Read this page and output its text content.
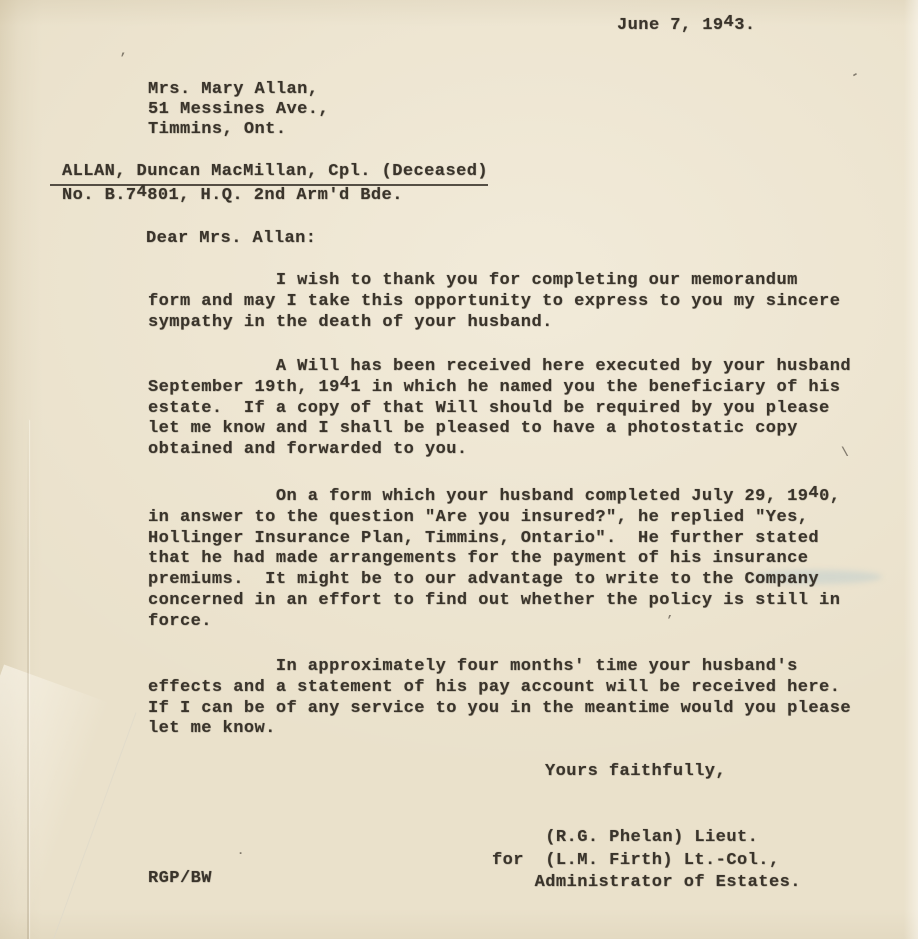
’
-
\
’
.
June 7, 1943.
Mrs. Mary Allan,
51 Messines Ave.,
Timmins, Ont.
ALLAN, Duncan MacMillan, Cpl. (Deceased)
No. B.74801, H.Q. 2nd Arm'd Bde.
Dear Mrs. Allan:
I wish to thank you for completing our memorandum
form and may I take this opportunity to express to you my sincere
sympathy in the death of your husband.
A Will has been received here executed by your husband
September 19th, 1941 in which he named you the beneficiary of his
estate.  If a copy of that Will should be required by you please
let me know and I shall be pleased to have a photostatic copy
obtained and forwarded to you.
On a form which your husband completed July 29, 1940,
in answer to the question "Are you insured?", he replied "Yes,
Hollinger Insurance Plan, Timmins, Ontario".  He further stated
that he had made arrangements for the payment of his insurance
premiums.  It might be to our advantage to write to the Company
concerned in an effort to find out whether the policy is still in
force.
In approximately four months' time your husband's
effects and a statement of his pay account will be received here.
If I can be of any service to you in the meantime would you please
let me know.
Yours faithfully,
(R.G. Phelan) Lieut.
for  (L.M. Firth) Lt.-Col.,
Administrator of Estates.
RGP/BW
